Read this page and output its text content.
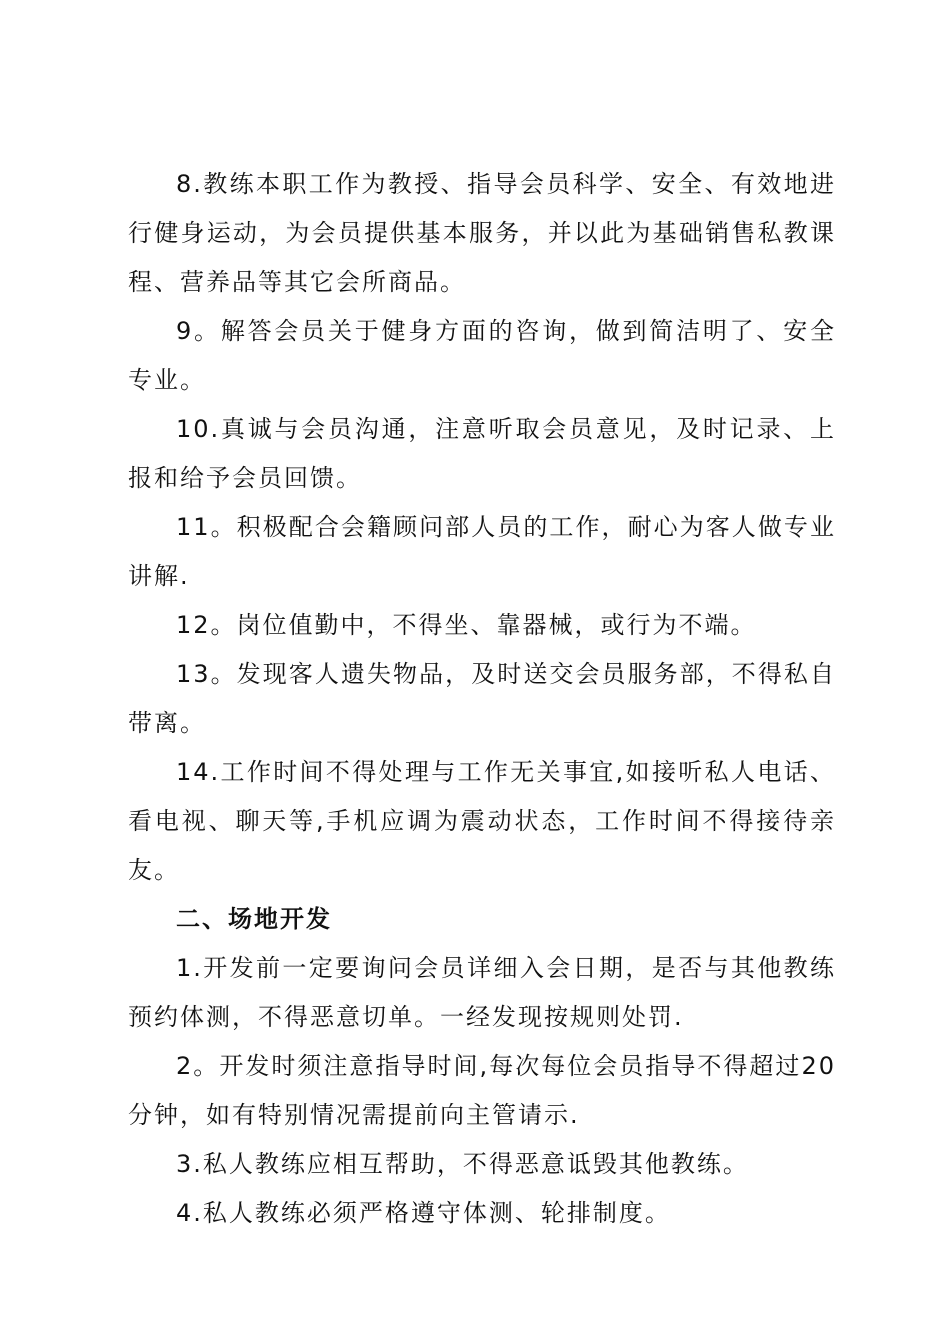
8.教练本职工作为教授、指导会员科学、安全、有效地进行健身运动，为会员提供基本服务，并以此为基础销售私教课程、营养品等其它会所商品。

9。解答会员关于健身方面的咨询，做到简洁明了、安全专业。

10.真诚与会员沟通，注意听取会员意见，及时记录、上报和给予会员回馈。

11。积极配合会籍顾问部人员的工作，耐心为客人做专业讲解.

12。岗位值勤中，不得坐、靠器械，或行为不端。

13。发现客人遗失物品，及时送交会员服务部，不得私自带离。

14.工作时间不得处理与工作无关事宜,如接听私人电话、看电视、聊天等,手机应调为震动状态，工作时间不得接待亲友。

二、场地开发

1.开发前一定要询问会员详细入会日期，是否与其他教练预约体测，不得恶意切单。一经发现按规则处罚.

2。开发时须注意指导时间,每次每位会员指导不得超过20分钟，如有特别情况需提前向主管请示.

3.私人教练应相互帮助，不得恶意诋毁其他教练。

4.私人教练必须严格遵守体测、轮排制度。
